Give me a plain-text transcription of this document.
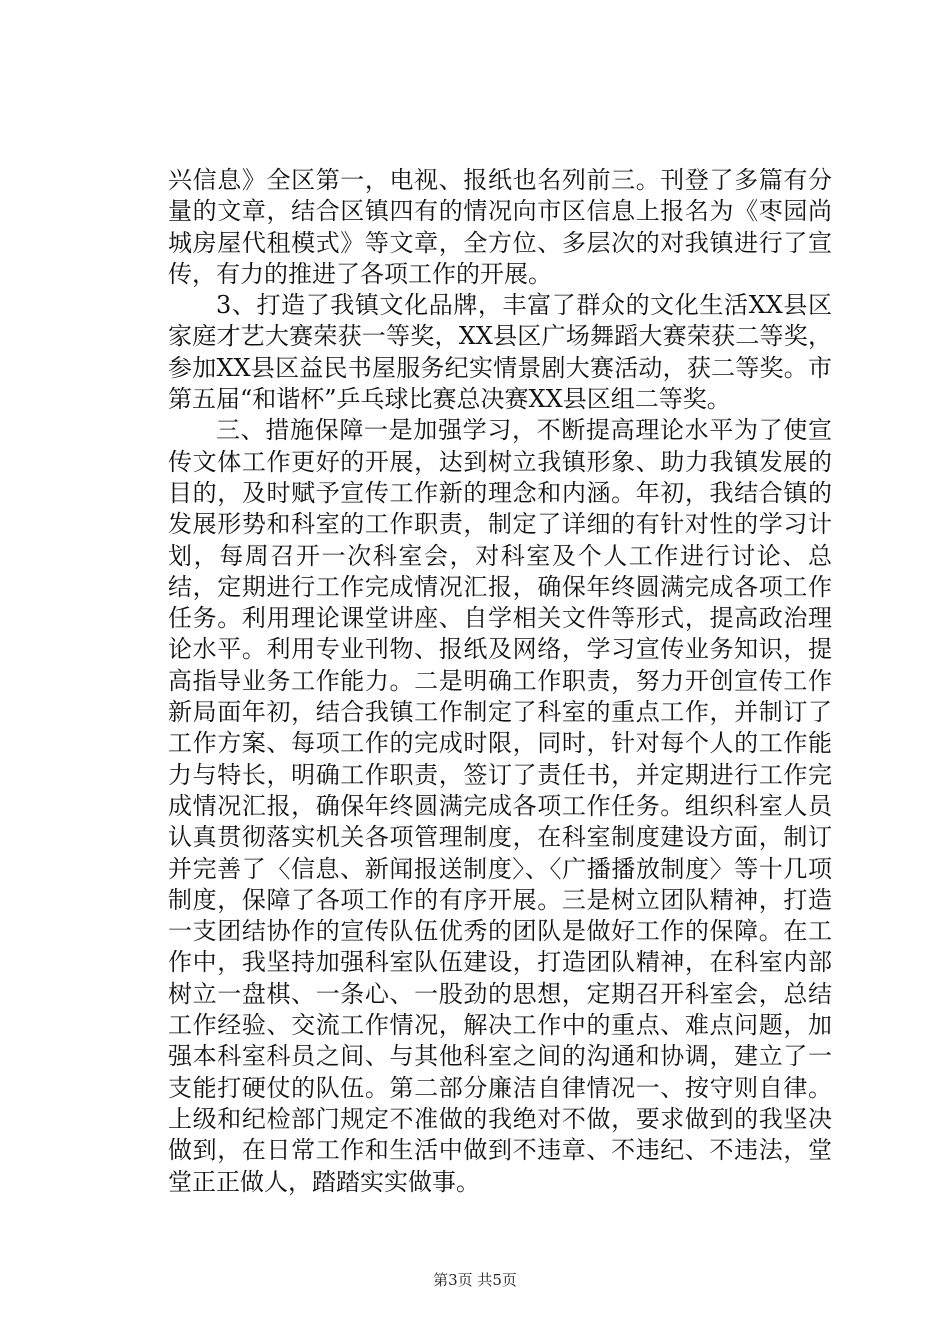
兴信息》全区第一，电视、报纸也名列前三。刊登了多篇有分量的文章，结合区镇四有的情况向市区信息上报名为《枣园尚城房屋代租模式》等文章，全方位、多层次的对我镇进行了宣传，有力的推进了各项工作的开展。

3、打造了我镇文化品牌，丰富了群众的文化生活XX县区家庭才艺大赛荣获一等奖，XX县区广场舞蹈大赛荣获二等奖，参加XX县区益民书屋服务纪实情景剧大赛活动，获二等奖。市第五届“和谐杯”乒乓球比赛总决赛XX县区组二等奖。

三、措施保障一是加强学习，不断提高理论水平为了使宣传文体工作更好的开展，达到树立我镇形象、助力我镇发展的目的，及时赋予宣传工作新的理念和内涵。年初，我结合镇的发展形势和科室的工作职责，制定了详细的有针对性的学习计划，每周召开一次科室会，对科室及个人工作进行讨论、总结，定期进行工作完成情况汇报，确保年终圆满完成各项工作任务。利用理论课堂讲座、自学相关文件等形式，提高政治理论水平。利用专业刊物、报纸及网络，学习宣传业务知识，提高指导业务工作能力。二是明确工作职责，努力开创宣传工作新局面年初，结合我镇工作制定了科室的重点工作，并制订了工作方案、每项工作的完成时限，同时，针对每个人的工作能力与特长，明确工作职责，签订了责任书，并定期进行工作完成情况汇报，确保年终圆满完成各项工作任务。组织科室人员认真贯彻落实机关各项管理制度，在科室制度建设方面，制订并完善了〈信息、新闻报送制度〉、〈广播播放制度〉等十几项制度，保障了各项工作的有序开展。三是树立团队精神，打造一支团结协作的宣传队伍优秀的团队是做好工作的保障。在工作中，我坚持加强科室队伍建设，打造团队精神，在科室内部树立一盘棋、一条心、一股劲的思想，定期召开科室会，总结工作经验、交流工作情况，解决工作中的重点、难点问题，加强本科室科员之间、与其他科室之间的沟通和协调，建立了一支能打硬仗的队伍。第二部分廉洁自律情况一、按守则自律。上级和纪检部门规定不准做的我绝对不做，要求做到的我坚决做到，在日常工作和生活中做到不违章、不违纪、不违法，堂堂正正做人，踏踏实实做事。

第3页 共5页
